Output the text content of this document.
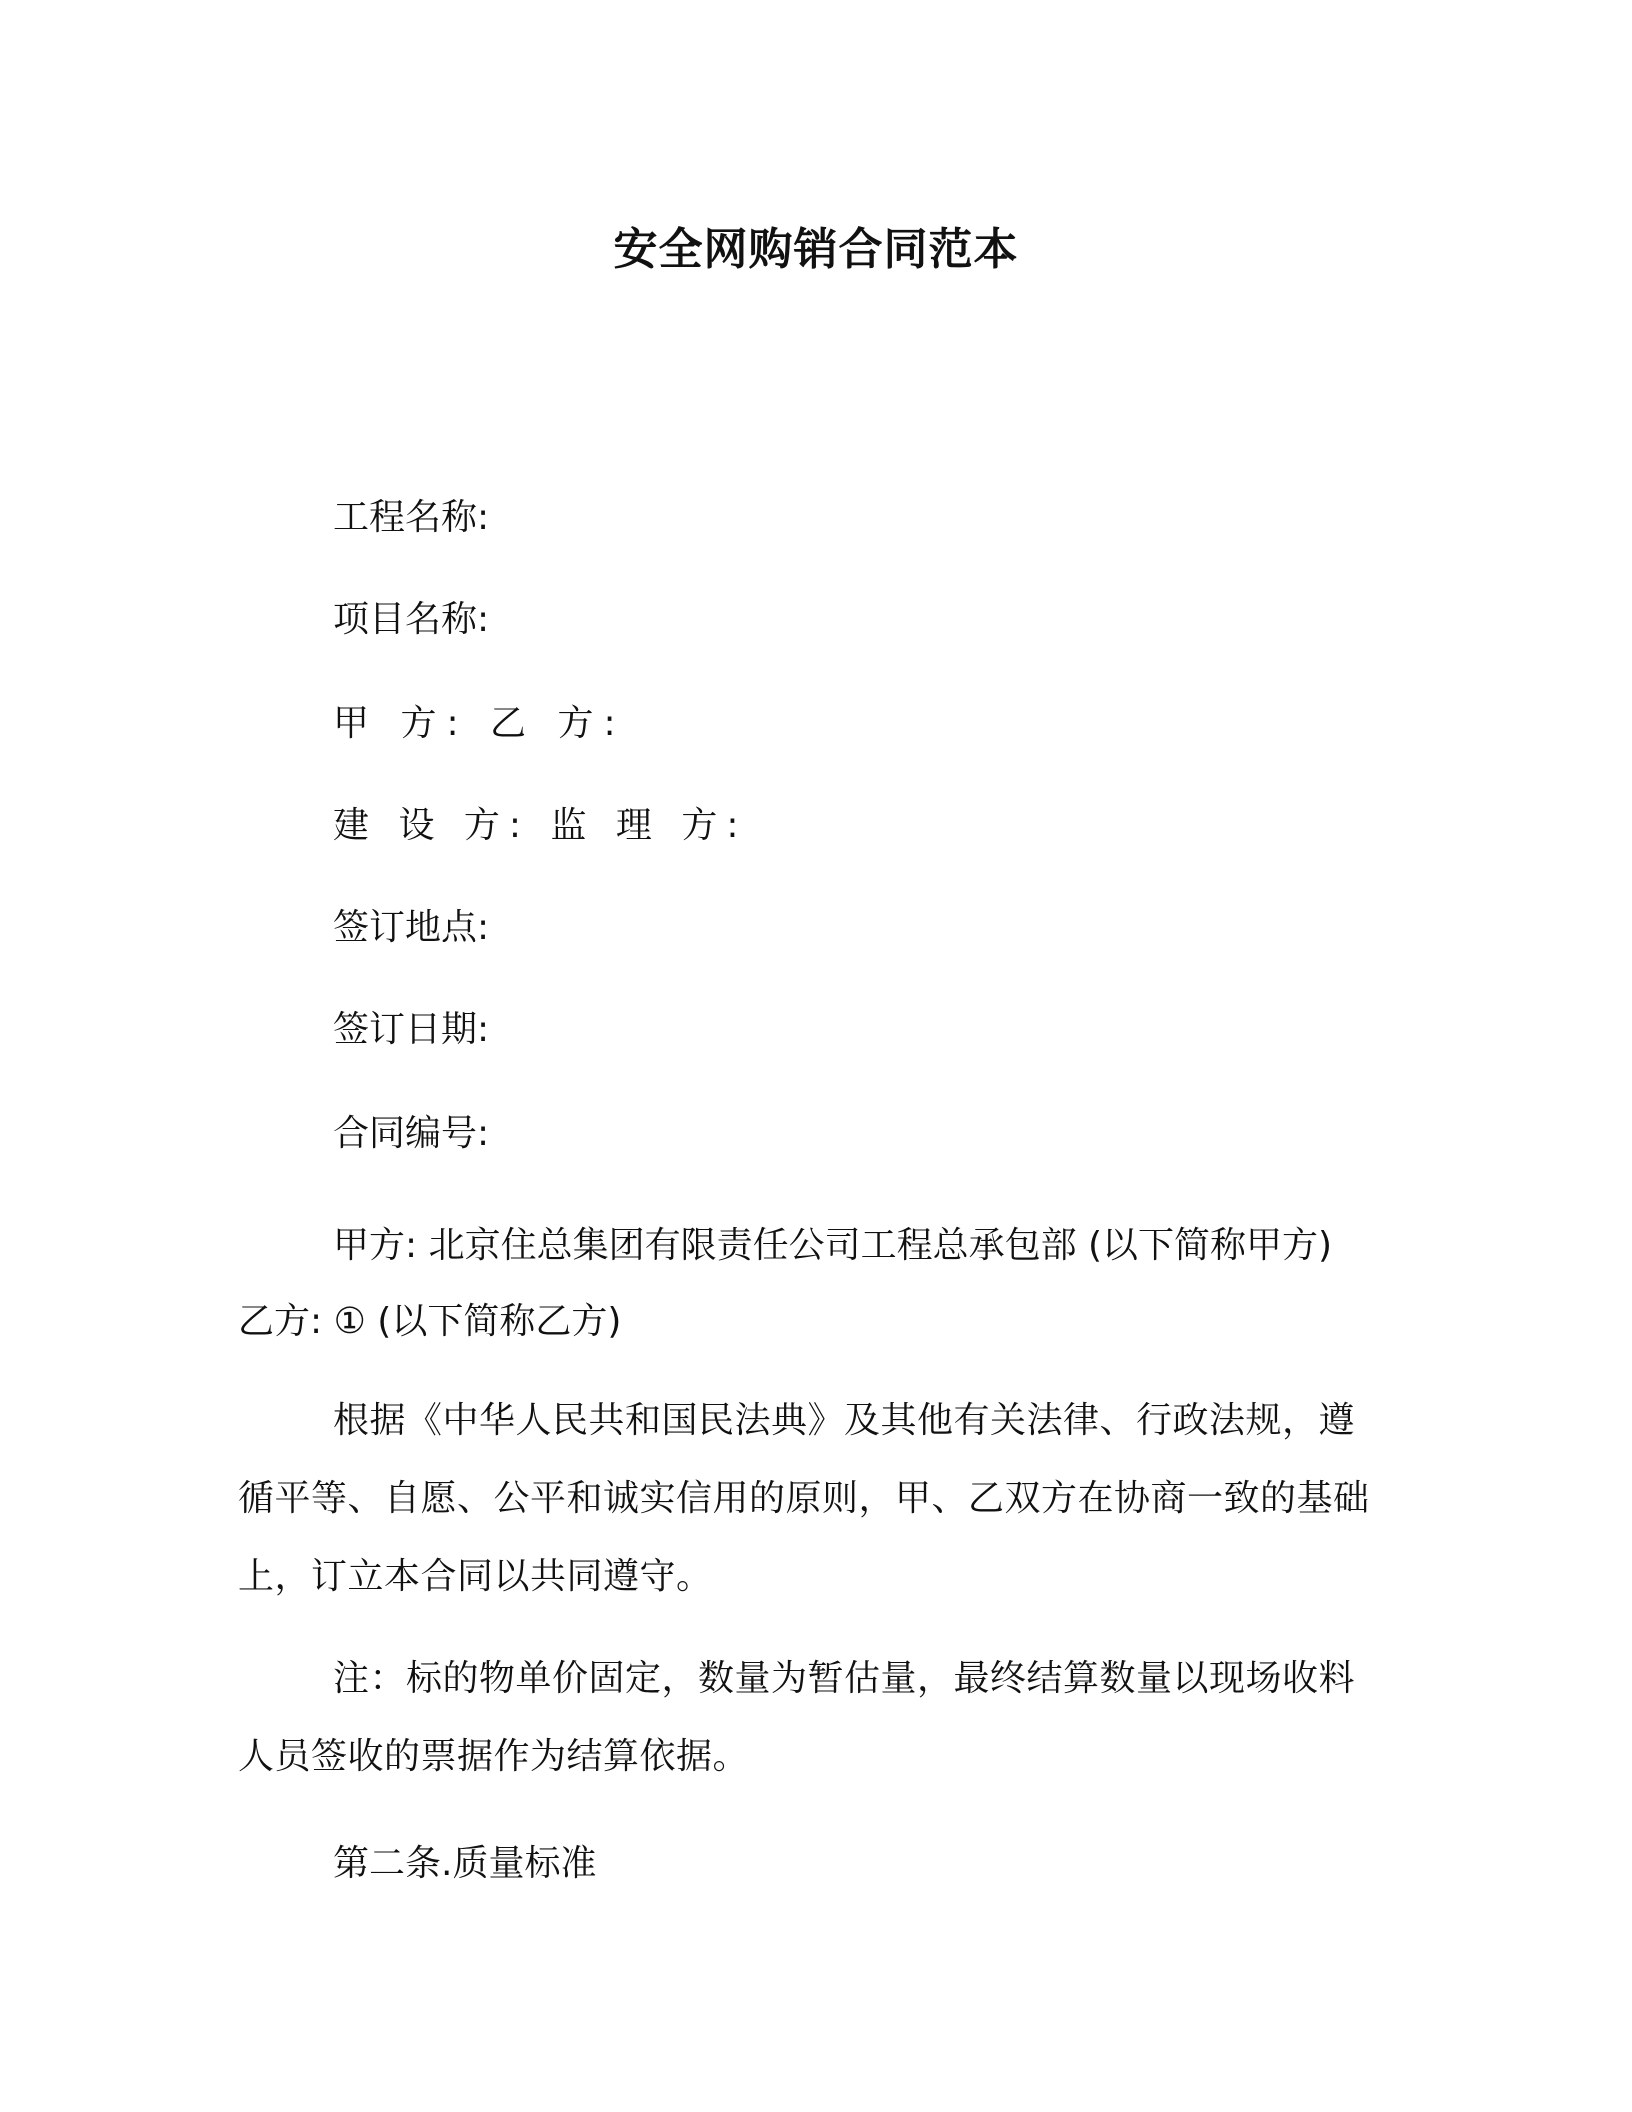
安全网购销合同范本
工程名称:
项目名称:
甲 方: 乙 方:
建 设 方: 监 理 方:
签订地点:
签订日期:
合同编号:
甲方: 北京住总集团有限责任公司工程总承包部 (以下简称甲方)
乙方: ① (以下简称乙方)

根据《中华人民共和国民法典》及其他有关法律、行政法规，遵循平等、自愿、公平和诚实信用的原则，甲、乙双方在协商一致的基础上，订立本合同以共同遵守。

注：标的物单价固定，数量为暂估量，最终结算数量以现场收料人员签收的票据作为结算依据。

第二条.质量标准
